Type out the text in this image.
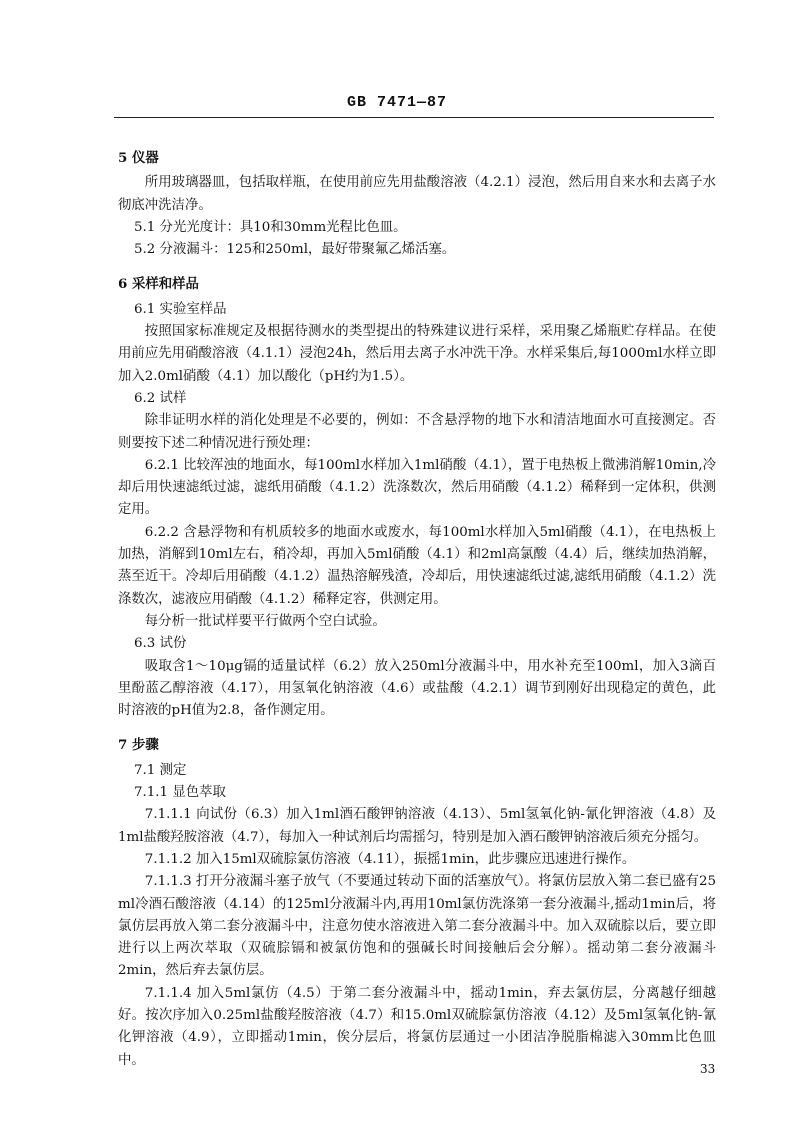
GB 7471—87

5 仪器

所用玻璃器皿，包括取样瓶，在使用前应先用盐酸溶液（4.2.1）浸泡，然后用自来水和去离子水彻底冲洗洁净。

5.1 分光光度计：具10和30mm光程比色皿。

5.2 分液漏斗：125和250ml，最好带聚氟乙烯活塞。

6 采样和样品

6.1 实验室样品

按照国家标准规定及根据待测水的类型提出的特殊建议进行采样，采用聚乙烯瓶贮存样品。在使用前应先用硝酸溶液（4.1.1）浸泡24h，然后用去离子水冲洗干净。水样采集后,每1000ml水样立即加入2.0ml硝酸（4.1）加以酸化（pH约为1.5）。

6.2 试样

除非证明水样的消化处理是不必要的，例如：不含悬浮物的地下水和清洁地面水可直接测定。否则要按下述二种情况进行预处理：

6.2.1 比较浑浊的地面水，每100ml水样加入1ml硝酸（4.1），置于电热板上微沸消解10min,冷却后用快速滤纸过滤，滤纸用硝酸（4.1.2）洗涤数次，然后用硝酸（4.1.2）稀释到一定体积，供测定用。

6.2.2 含悬浮物和有机质较多的地面水或废水，每100ml水样加入5ml硝酸（4.1），在电热板上加热，消解到10ml左右，稍冷却，再加入5ml硝酸（4.1）和2ml高氯酸（4.4）后，继续加热消解，蒸至近干。冷却后用硝酸（4.1.2）温热溶解残渣，冷却后，用快速滤纸过滤,滤纸用硝酸（4.1.2）洗涤数次，滤液应用硝酸（4.1.2）稀释定容，供测定用。

每分析一批试样要平行做两个空白试验。

6.3 试份

吸取含1～10μg镉的适量试样（6.2）放入250ml分液漏斗中，用水补充至100ml，加入3滴百里酚蓝乙醇溶液（4.17），用氢氧化钠溶液（4.6）或盐酸（4.2.1）调节到刚好出现稳定的黄色，此时溶液的pH值为2.8，备作测定用。

7 步骤

7.1 测定

7.1.1 显色萃取

7.1.1.1 向试份（6.3）加入1ml酒石酸钾钠溶液（4.13）、5ml氢氧化钠-氰化钾溶液（4.8）及1ml盐酸羟胺溶液（4.7），每加入一种试剂后均需摇匀，特别是加入酒石酸钾钠溶液后须充分摇匀。

7.1.1.2 加入15ml双硫腙氯仿溶液（4.11），振摇1min，此步骤应迅速进行操作。

7.1.1.3 打开分液漏斗塞子放气（不要通过转动下面的活塞放气）。将氯仿层放入第二套已盛有25 ml冷酒石酸溶液（4.14）的125ml分液漏斗内,再用10ml氯仿洗涤第一套分液漏斗,摇动1min后，将氯仿层再放入第二套分液漏斗中，注意勿使水溶液进入第二套分液漏斗中。加入双硫腙以后，要立即进行以上两次萃取（双硫腙镉和被氯仿饱和的强碱长时间接触后会分解）。摇动第二套分液漏斗2min，然后弃去氯仿层。

7.1.1.4 加入5ml氯仿（4.5）于第二套分液漏斗中，摇动1min，弃去氯仿层，分离越仔细越好。按次序加入0.25ml盐酸羟胺溶液（4.7）和15.0ml双硫腙氯仿溶液（4.12）及5ml氢氧化钠-氰化钾溶液（4.9），立即摇动1min，俟分层后，将氯仿层通过一小团洁净脱脂棉滤入30mm比色皿中。

33
